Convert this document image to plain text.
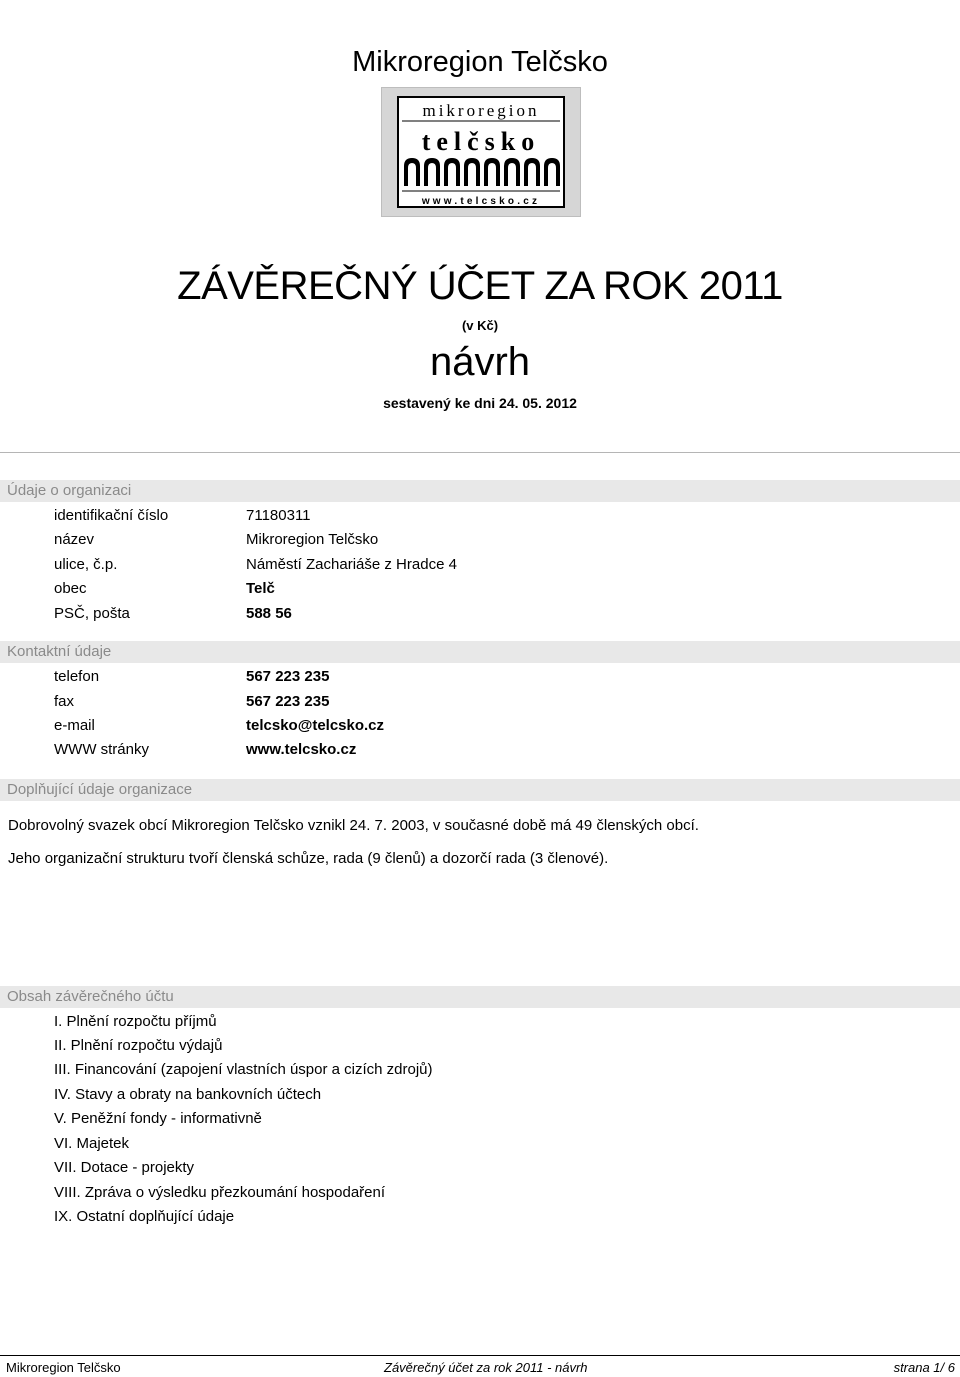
Mikroregion Telčsko
mikroregion
telčsko
www.telcsko.cz
ZÁVĚREČNÝ ÚČET ZA ROK 2011
(v Kč)
návrh
sestavený ke dni 24. 05. 2012
Údaje o organizaci
identifikační číslo	71180311
název	Mikroregion Telčsko
ulice, č.p.	Náměstí Zachariáše z Hradce 4
obec	Telč
PSČ, pošta	588 56
Kontaktní údaje
telefon	567 223 235
fax	567 223 235
e-mail	telcsko@telcsko.cz
WWW stránky	www.telcsko.cz
Doplňující údaje organizace
Dobrovolný svazek obcí Mikroregion Telčsko vznikl 24. 7. 2003, v současné době má 49 členských obcí.
Jeho organizační strukturu tvoří členská schůze, rada (9 členů) a dozorčí rada (3 členové).
Obsah závěrečného účtu
I. Plnění rozpočtu příjmů
II. Plnění rozpočtu výdajů
III. Financování (zapojení vlastních úspor a cizích zdrojů)
IV. Stavy a obraty na bankovních účtech
V. Peněžní fondy - informativně
VI. Majetek
VII. Dotace - projekty
VIII. Zpráva o výsledku přezkoumání hospodaření
IX. Ostatní doplňující údaje
Mikroregion Telčsko	Závěrečný účet za rok 2011 - návrh	strana 1/ 6
